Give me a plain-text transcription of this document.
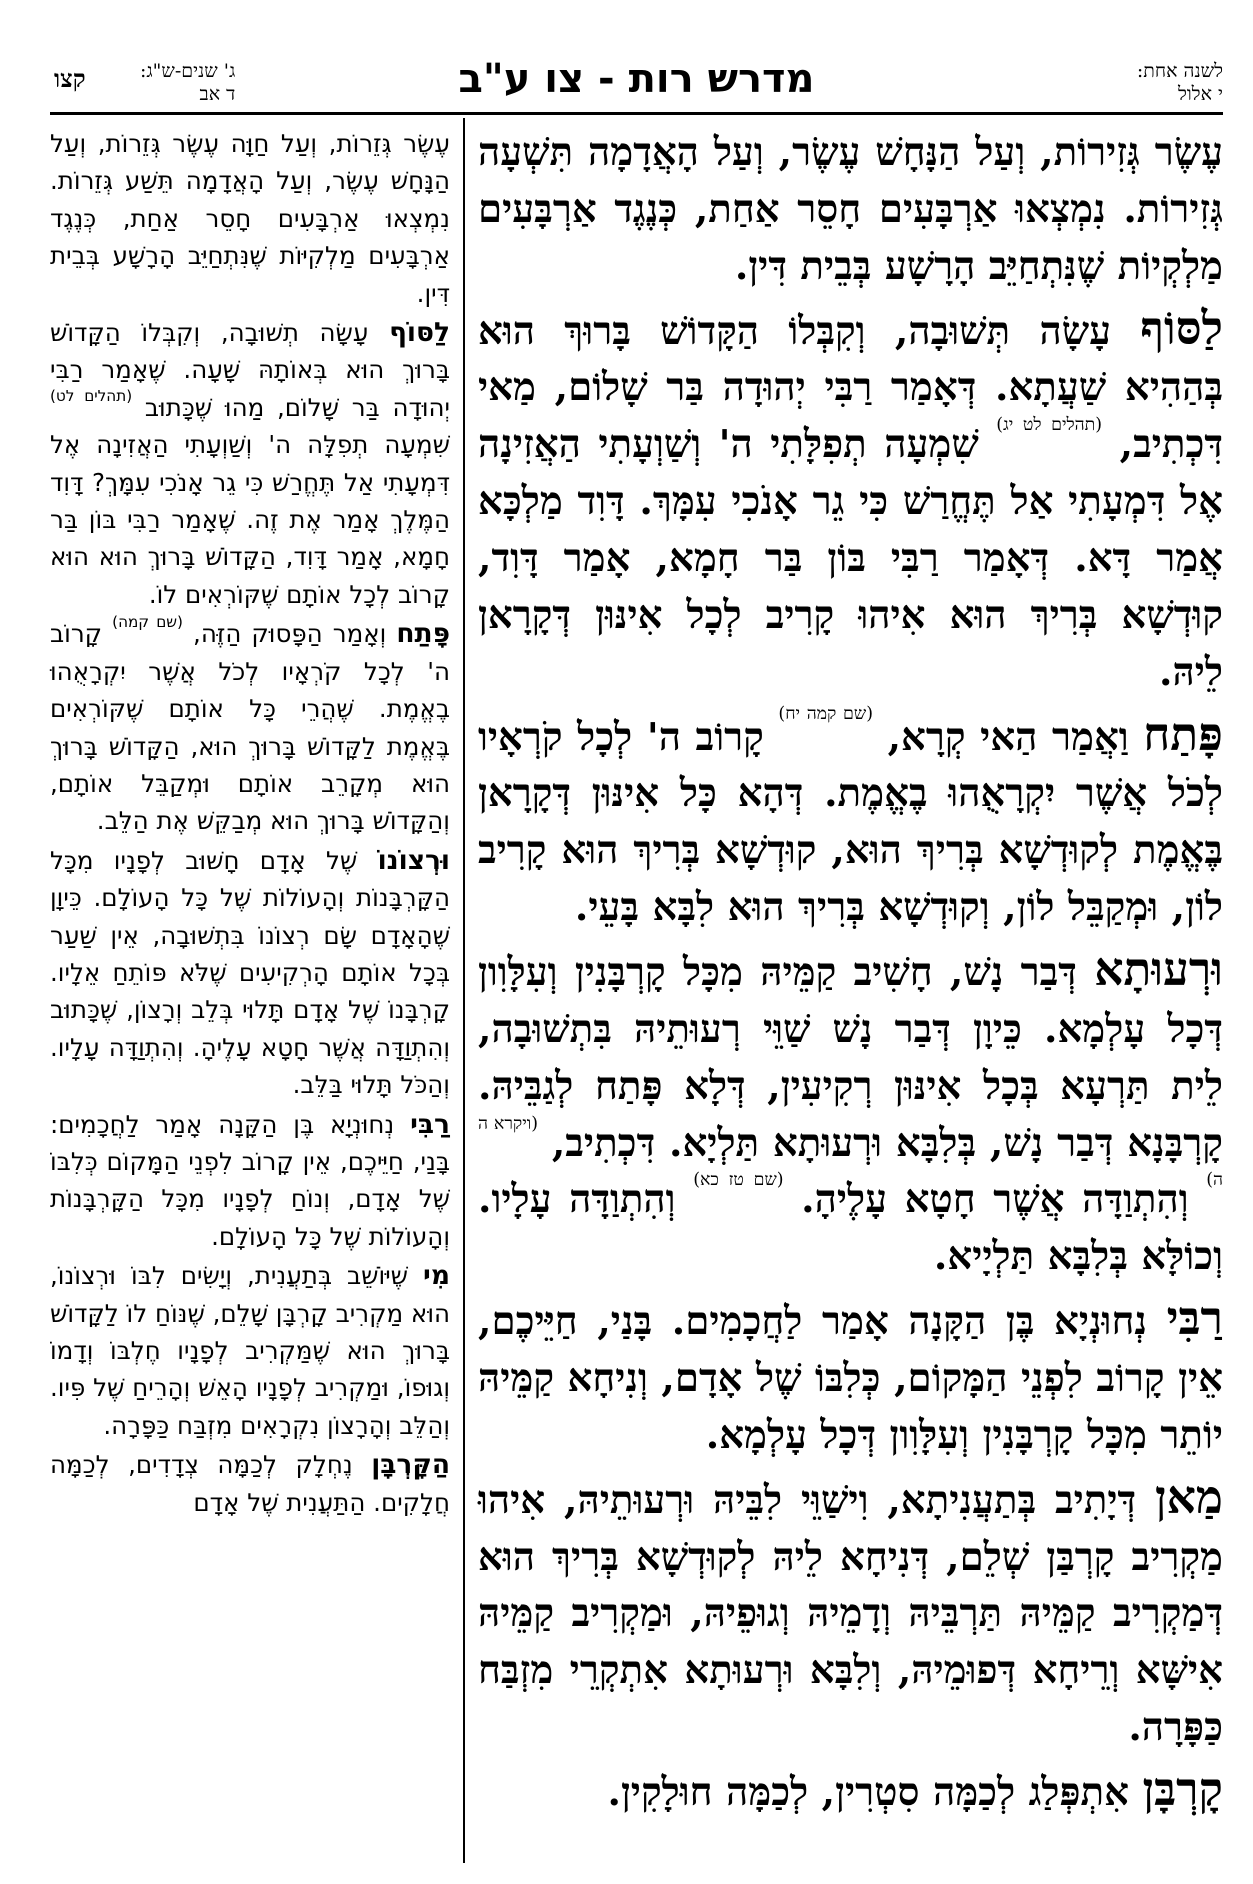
לשנה אחת:
י אלול
מדרש רות - צו ע"ב
ג' שנים-ש"ג:
ד אב
קצו

עֶשֶׂר גְּזִירוֹת, וְעַל הַנָּחָשׁ עֶשֶׂר, וְעַל הָאֲדָמָה תִּשְׁעָה גְּזִירוֹת. נִמְצְאוּ אַרְבָּעִים חָסֵר אַחַת, כְּנֶגֶד אַרְבָּעִים מַלְקְיוֹת שֶׁנִּתְחַיֵּב הָרָשָׁע בְּבֵית דִּין.

לַסּוֹף עָשָׂה תְּשׁוּבָה, וְקִבְּלוֹ הַקָּדוֹשׁ בָּרוּךְ הוּא בְּהַהִיא שַׁעֲתָא. דְּאָמַר רַבִּי יְהוּדָה בַּר שָׁלוֹם, מַאי דִּכְתִיב, $^{(תהלים לט יג)}$ שִׁמְעָה תְפִלָּתִי ה' וְשַׁוְעָתִי הַאֲזִינָה אֶל דִּמְעָתִי אַל תֶּחֱרַשׁ כִּי גֵר אָנֹכִי עִמָּךְ. דָּוִד מַלְכָּא אֲמַר דָּא. דְּאָמַר רַבִּי בּוֹן בַּר חָמָא, אָמַר דָּוִד, קוּדְשָׁא בְּרִיךְ הוּא אִיהוּ קָרִיב לְכָל אִינּוּן דְּקָרָאן לֵיהּ.

פָּתַח וַאֲמַר הַאי קְרָא, $^{(שם קמה יח)}$ קָרוֹב ה' לְכָל קֹרְאָיו לְכֹל אֲשֶׁר יִקְרָאֻהוּ בֶאֱמֶת. דְּהָא כָּל אִינּוּן דְּקָרָאן בֶּאֱמֶת לְקוּדְשָׁא בְּרִיךְ הוּא, קוּדְשָׁא בְּרִיךְ הוּא קָרִיב לוֹן, וּמְקַבֵּל לוֹן, וְקוּדְשָׁא בְּרִיךְ הוּא לִבָּא בָּעֵי.

וּרְעוּתָא דְּבַר נָשׁ, חָשִׁיב קַמֵּיהּ מִכָּל קָרְבָּנִין וְעִלָּוִון דְּכָל עָלְמָא. כֵּיוָן דְּבַר נָשׁ שַׁוֵּי רְעוּתֵיהּ בִּתְשׁוּבָה, לֵית תַּרְעָא בְּכָל אִינּוּן רְקִיעִין, דְּלָא פָּתַח לְגַבֵּיהּ. קָרְבָּנָא דְּבַר נָשׁ, בְּלִבָּא וּרְעוּתָא תַּלְיָא. דִּכְתִיב, $^{(ויקרא ה ה)}$ וְהִתְוַדָּה אֲשֶׁר חָטָא עָלֶיהָ. $^{(שם טז כא)}$ וְהִתְוַדָּה עָלָיו. וְכוֹלָּא בְּלִבָּא תַּלְיָיא.

רַבִּי נְחוּנְיָא בֶּן הַקָּנָה אָמַר לַחֲכָמִים. בָּנַי, חַיֵּיכֶם, אֵין קָרוֹב לִפְנֵי הַמָּקוֹם, כְּלִבּוֹ שֶׁל אָדָם, וְנִיחָא קַמֵּיהּ יוֹתֵר מִכָּל קָרְבָּנִין וְעִלָּוִון דְּכָל עָלְמָא.

מַאן דְּיָתִיב בְּתַעֲנִיתָא, וִישַׁוֵּי לִבֵּיהּ וּרְעוּתֵיהּ, אִיהוּ מַקְרִיב קָרְבַּן שְׁלֵם, דְּנִיחָא לֵיהּ לְקוּדְשָׁא בְּרִיךְ הוּא דְּמַקְרִיב קַמֵּיהּ תַּרְבֵּיהּ וְדָמֵיהּ וְגוּפֵיהּ, וּמַקְרִיב קַמֵּיהּ אִישָּׁא וְרֵיחָא דְּפוּמֵיהּ, וְלִבָּא וּרְעוּתָא אִתְקְרֵי מִזְבַּח כַּפָּרָה.

קָרְבָּן אִתְפְּלַג לְכַמָּה סִטְרִין, לְכַמָּה חוּלָקִין.

עֶשֶׂר גְּזֵרוֹת, וְעַל חַוָּה עֶשֶׂר גְּזֵרוֹת, וְעַל הַנָּחָשׁ עֶשֶׂר, וְעַל הָאֲדָמָה תֵּשַׁע גְּזֵרוֹת. נִמְצְאוּ אַרְבָּעִים חָסֵר אַחַת, כְּנֶגֶד אַרְבָּעִים מַלְקִיּוֹת שֶׁנִּתְחַיֵּב הָרָשָׁע בְּבֵית דִּין.

לַסּוֹף עָשָׂה תְשׁוּבָה, וְקִבְּלוֹ הַקָּדוֹשׁ בָּרוּךְ הוּא בְּאוֹתָהּ שָׁעָה. שֶׁאָמַר רַבִּי יְהוּדָה בַּר שָׁלוֹם, מַהוּ שֶׁכָּתוּב $^{(תהלים לט)}$ שִׁמְעָה תְפִלָּה ה' וְשַׁוְעָתִי הַאֲזִינָה אֶל דִּמְעָתִי אַל תֶּחֱרַשׁ כִּי גֵר אָנֹכִי עִמָּךְ? דָּוִד הַמֶּלֶךְ אָמַר אֶת זֶה. שֶׁאָמַר רַבִּי בּוֹן בַּר חָמָא, אָמַר דָּוִד, הַקָּדוֹשׁ בָּרוּךְ הוּא הוּא קָרוֹב לְכָל אוֹתָם שֶׁקּוֹרְאִים לוֹ.

פָּתַח וְאָמַר הַפָּסוּק הַזֶּה, $^{(שם קמה)}$ קָרוֹב ה' לְכָל קֹרְאָיו לְכֹל אֲשֶׁר יִקְרָאֻהוּ בֶאֱמֶת. שֶׁהֲרֵי כָּל אוֹתָם שֶׁקּוֹרְאִים בֶּאֱמֶת לַקָּדוֹשׁ בָּרוּךְ הוּא, הַקָּדוֹשׁ בָּרוּךְ הוּא מְקָרֵב אוֹתָם וּמְקַבֵּל אוֹתָם, וְהַקָּדוֹשׁ בָּרוּךְ הוּא מְבַקֵּשׁ אֶת הַלֵּב.

וּרְצוֹנוֹ שֶׁל אָדָם חָשׁוּב לְפָנָיו מִכָּל הַקָּרְבָּנוֹת וְהָעוֹלוֹת שֶׁל כָּל הָעוֹלָם. כֵּיוָן שֶׁהָאָדָם שָׂם רְצוֹנוֹ בִּתְשׁוּבָה, אֵין שַׁעַר בְּכָל אוֹתָם הָרְקִיעִים שֶׁלֹּא פּוֹתֵחַ אֵלָיו. קָרְבָּנוֹ שֶׁל אָדָם תָּלוּי בְּלֵב וְרָצוֹן, שֶׁכָּתוּב וְהִתְוַדָּה אֲשֶׁר חָטָא עָלֶיהָ. וְהִתְוַדָּה עָלָיו. וְהַכֹּל תָּלוּי בַּלֵּב.

רַבִּי נְחוּנְיָא בֶּן הַקָּנָה אָמַר לַחֲכָמִים: בָּנַי, חַיֵּיכֶם, אֵין קָרוֹב לִפְנֵי הַמָּקוֹם כְּלִבּוֹ שֶׁל אָדָם, וְנוֹחַ לְפָנָיו מִכָּל הַקָּרְבָּנוֹת וְהָעוֹלוֹת שֶׁל כָּל הָעוֹלָם.

מִי שֶׁיּוֹשֵׁב בְּתַעֲנִית, וְיָשִׂים לִבּוֹ וּרְצוֹנוֹ, הוּא מַקְרִיב קָרְבָּן שָׁלֵם, שֶׁנּוֹחַ לוֹ לַקָּדוֹשׁ בָּרוּךְ הוּא שֶׁמַּקְרִיב לְפָנָיו חֶלְבּוֹ וְדָמוֹ וְגוּפוֹ, וּמַקְרִיב לְפָנָיו הָאֵשׁ וְהָרֵיחַ שֶׁל פִּיו. וְהַלֵּב וְהָרָצוֹן נִקְרָאִים מִזְבַּח כַּפָּרָה.

הַקָּרְבָּן נֶחְלָק לְכַמָּה צְדָדִים, לְכַמָּה חֲלָקִים. הַתַּעֲנִית שֶׁל אָדָם
